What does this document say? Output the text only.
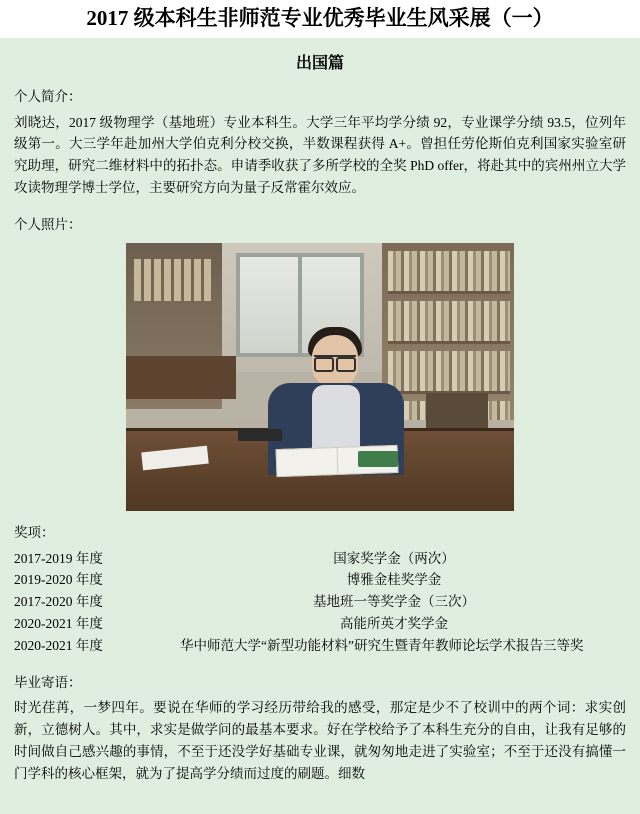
2017 级本科生非师范专业优秀毕业生风采展（一）
出国篇
个人简介：

刘晓达，2017 级物理学（基地班）专业本科生。大学三年平均学分绩 92，专业课学分绩 93.5，位列年级第一。大三学年赴加州大学伯克利分校交换，半数课程获得 A+。曾担任劳伦斯伯克利国家实验室研究助理，研究二维材料中的拓扑态。申请季收获了多所学校的全奖 PhD offer，将赴其中的宾州州立大学攻读物理学博士学位，主要研究方向为量子反常霍尔效应。

个人照片：
奖项：
2017-2019 年度	国家奖学金（两次）
2019-2020 年度	博雅金桂奖学金
2017-2020 年度	基地班一等奖学金（三次）
2020-2021 年度	高能所英才奖学金
2020-2021 年度	华中师范大学“新型功能材料”研究生暨青年教师论坛学术报告三等奖
毕业寄语：

时光荏苒，一梦四年。要说在华师的学习经历带给我的感受，那定是少不了校训中的两个词：求实创新，立德树人。其中，求实是做学问的最基本要求。好在学校给予了本科生充分的自由，让我有足够的时间做自己感兴趣的事情，不至于还没学好基础专业课，就匆匆地走进了实验室；不至于还没有搞懂一门学科的核心框架，就为了提高学分绩而过度的刷题。细数
